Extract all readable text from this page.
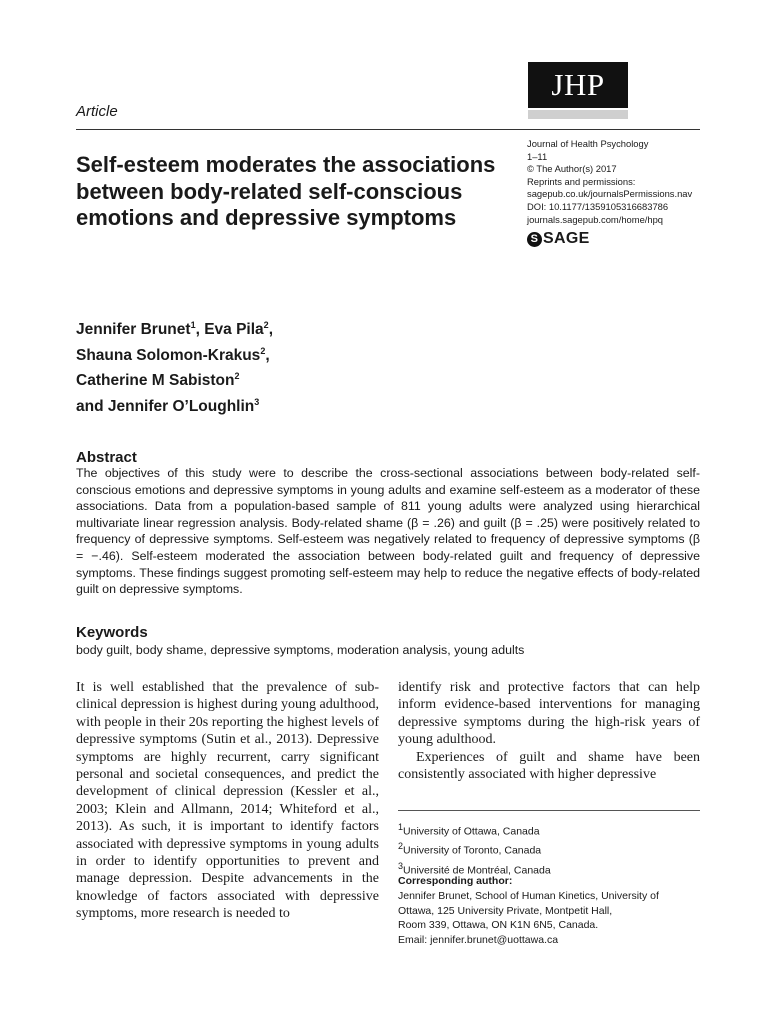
JHP
Article
Journal of Health Psychology
1–11
© The Author(s) 2017
Reprints and permissions:
sagepub.co.uk/journalsPermissions.nav
DOI: 10.1177/1359105316683786
journals.sagepub.com/home/hpq
S SAGE
Self-esteem moderates the associations between body-related self-conscious emotions and depressive symptoms
Jennifer Brunet$^1$, Eva Pila$^2$,
Shauna Solomon-Krakus$^2$,
Catherine M Sabiston$^2$
and Jennifer O’Loughlin$^3$
Abstract
The objectives of this study were to describe the cross-sectional associations between body-related self-conscious emotions and depressive symptoms in young adults and examine self-esteem as a moderator of these associations. Data from a population-based sample of 811 young adults were analyzed using hierarchical multivariate linear regression analysis. Body-related shame (β = .26) and guilt (β = .25) were positively related to frequency of depressive symptoms. Self-esteem was negatively related to frequency of depressive symptoms (β = −.46). Self-esteem moderated the association between body-related guilt and frequency of depressive symptoms. These findings suggest promoting self-esteem may help to reduce the negative effects of body-related guilt on depressive symptoms.
Keywords
body guilt, body shame, depressive symptoms, moderation analysis, young adults

It is well established that the prevalence of sub-clinical depression is highest during young adulthood, with people in their 20s reporting the highest levels of depressive symptoms (Sutin et al., 2013). Depressive symptoms are highly recurrent, carry significant personal and societal consequences, and predict the development of clinical depression (Kessler et al., 2003; Klein and Allmann, 2014; Whiteford et al., 2013). As such, it is important to identify factors associated with depressive symptoms in young adults in order to identify opportunities to prevent and manage depression. Despite advancements in the knowledge of factors associated with depressive symptoms, more research is needed to

identify risk and protective factors that can help inform evidence-based interventions for managing depressive symptoms during the high-risk years of young adulthood.

Experiences of guilt and shame have been consistently associated with higher depressive

$^1$University of Ottawa, Canada
$^2$University of Toronto, Canada
$^3$Université de Montréal, Canada
Corresponding author:
Jennifer Brunet, School of Human Kinetics, University of
Ottawa, 125 University Private, Montpetit Hall,
Room 339, Ottawa, ON K1N 6N5, Canada.
Email: jennifer.brunet@uottawa.ca
